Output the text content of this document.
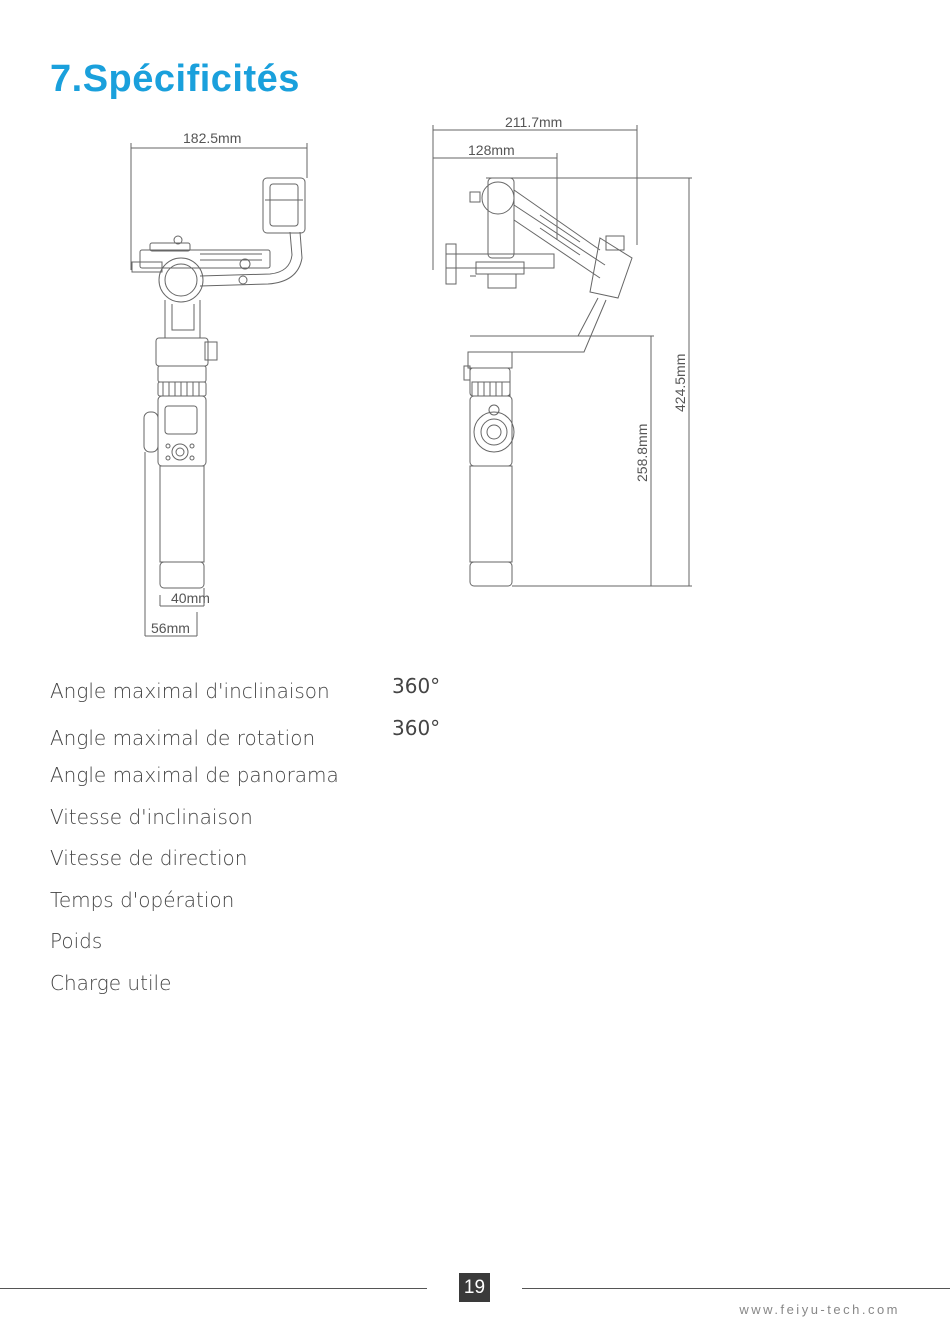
7.Spécificités
182.5mm
40mm
56mm
211.7mm
128mm
424.5mm
258.8mm
Angle maximal d'inclinaison	360°
Angle maximal de rotation	360°
Angle maximal de panorama
Vitesse d'inclinaison
Vitesse de direction
Temps d'opération
Poids
Charge utile
19
www.feiyu-tech.com
